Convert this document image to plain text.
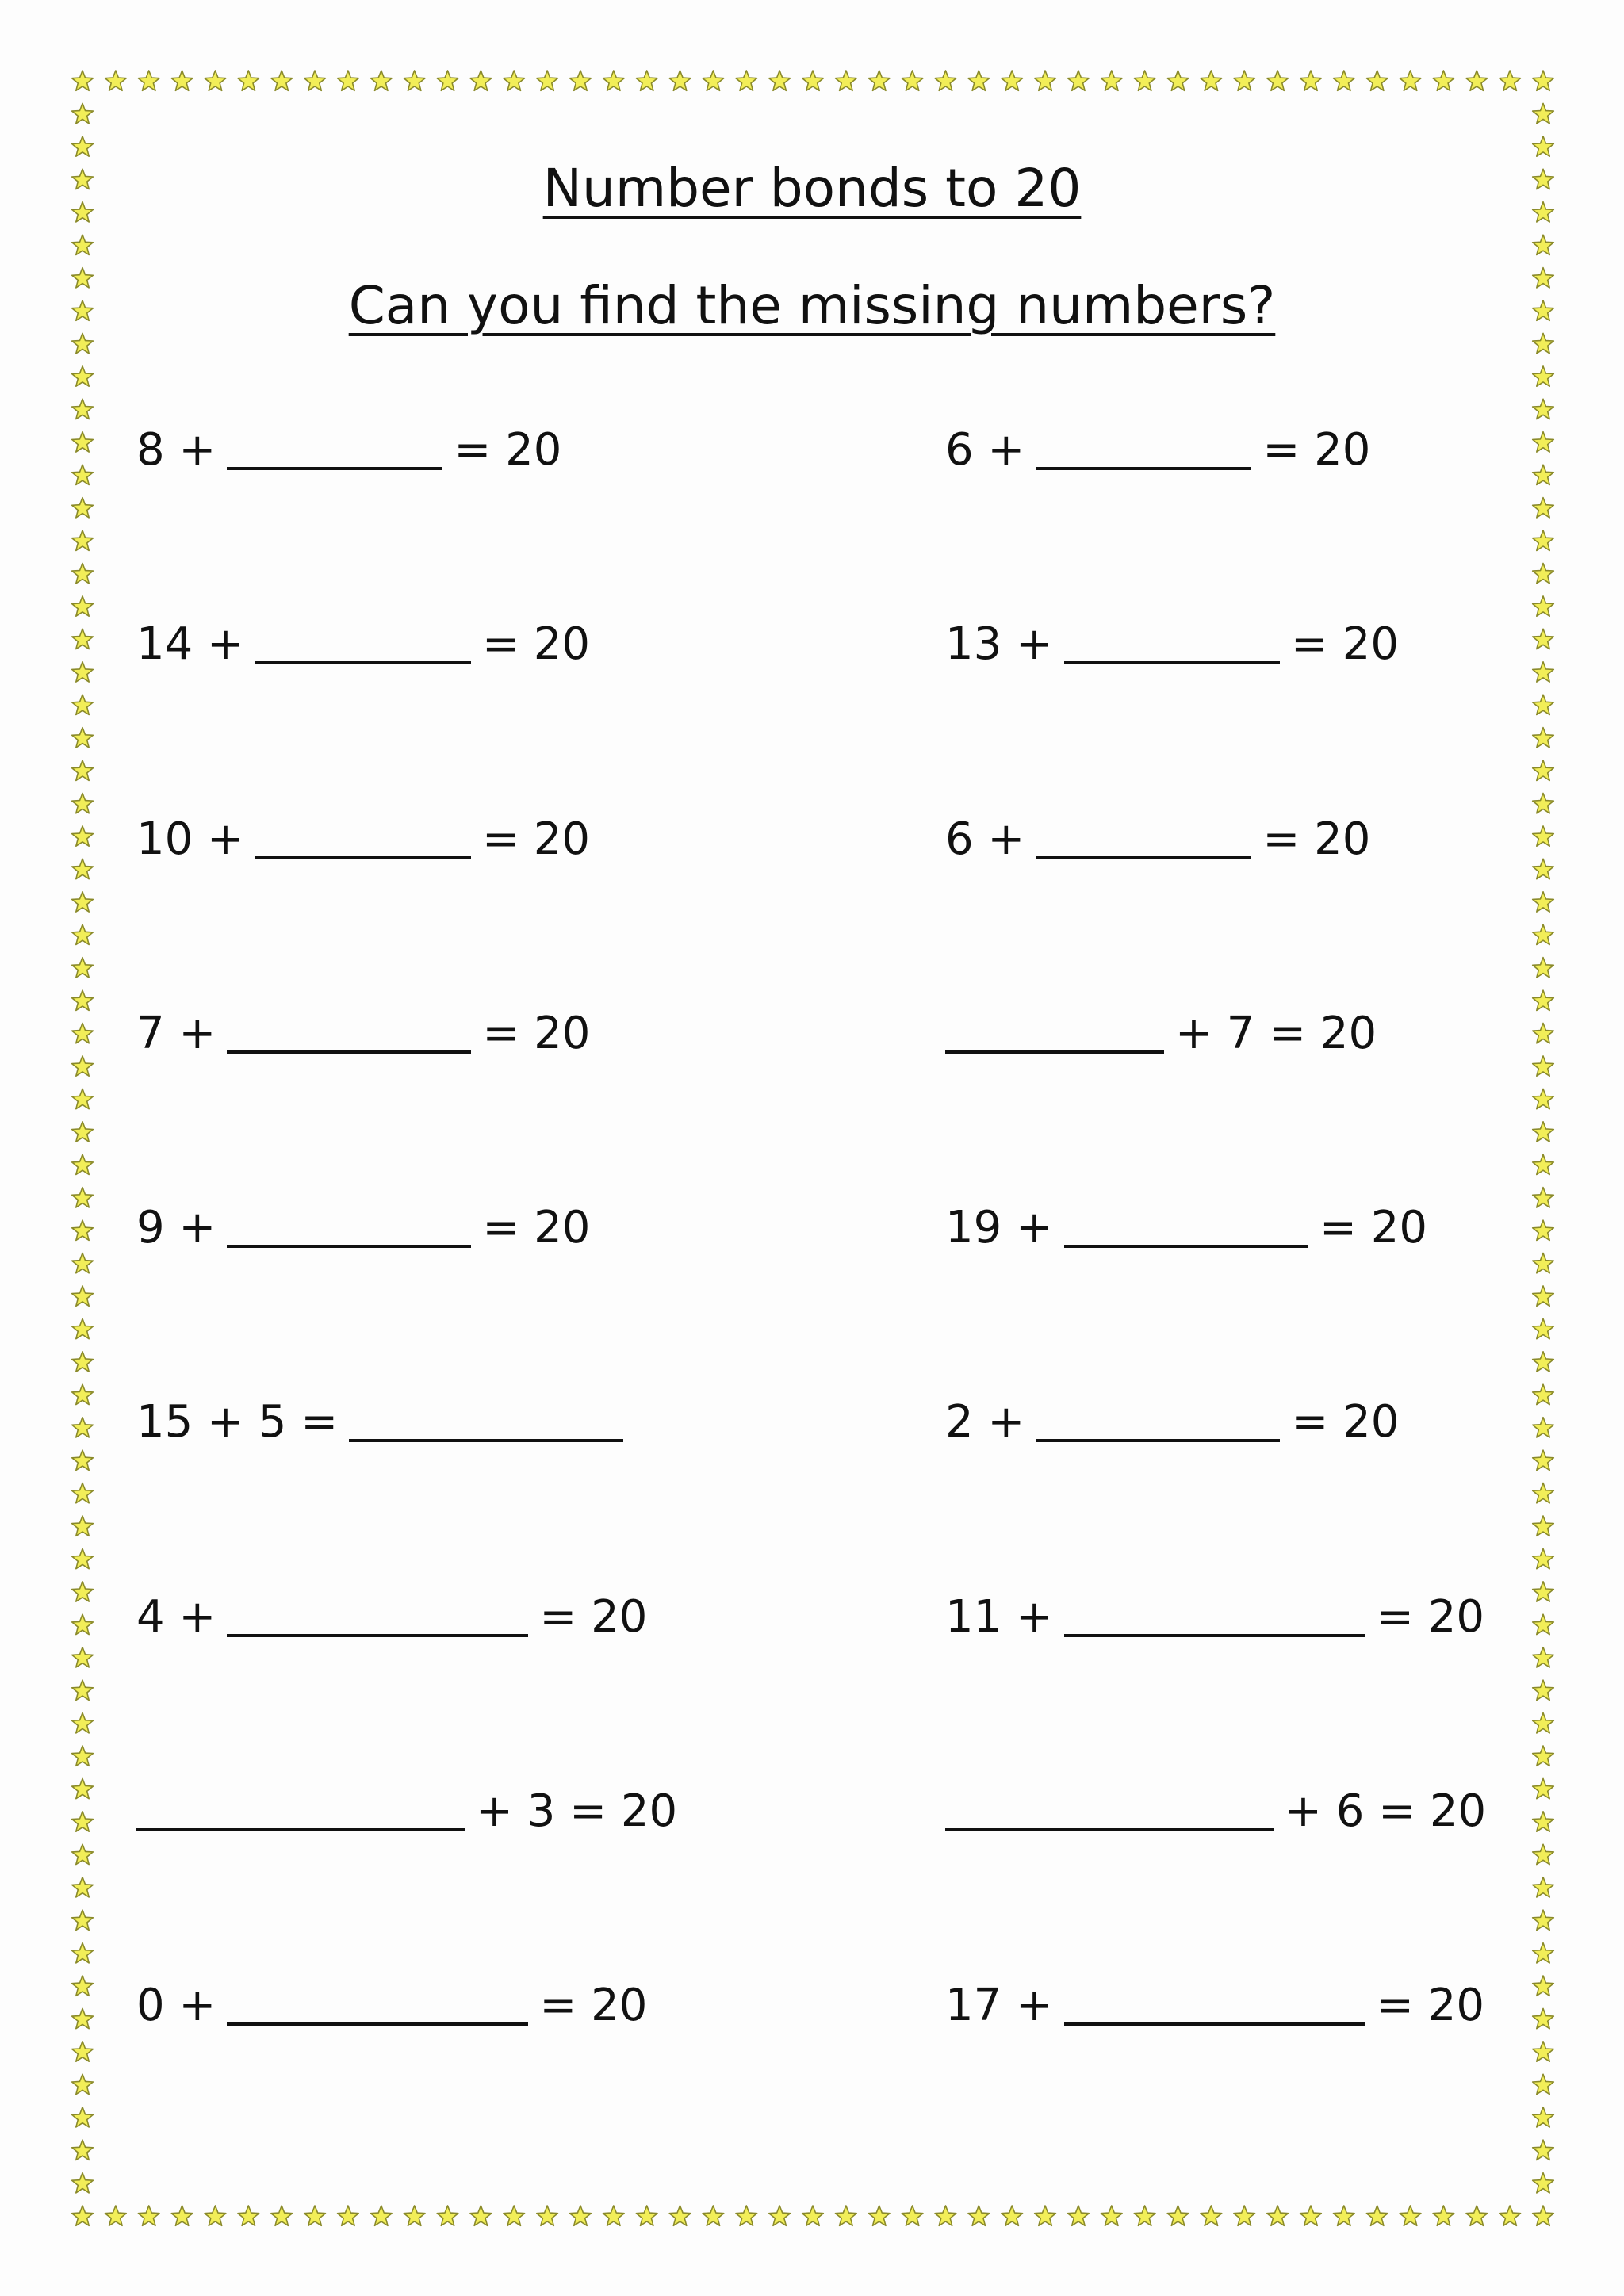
Number bonds to 20
Can you find the missing numbers?
8 +	= 20
14 +	= 20
10 +	= 20
7 +	= 20
9 +	= 20
15 + 5 =
4 +	= 20
+ 3 = 20
0 +	= 20
6 +	= 20
13 +	= 20
6 +	= 20
+ 7 = 20
19 +	= 20
2 +	= 20
11 +	= 20
+ 6 = 20
17 +	= 20
